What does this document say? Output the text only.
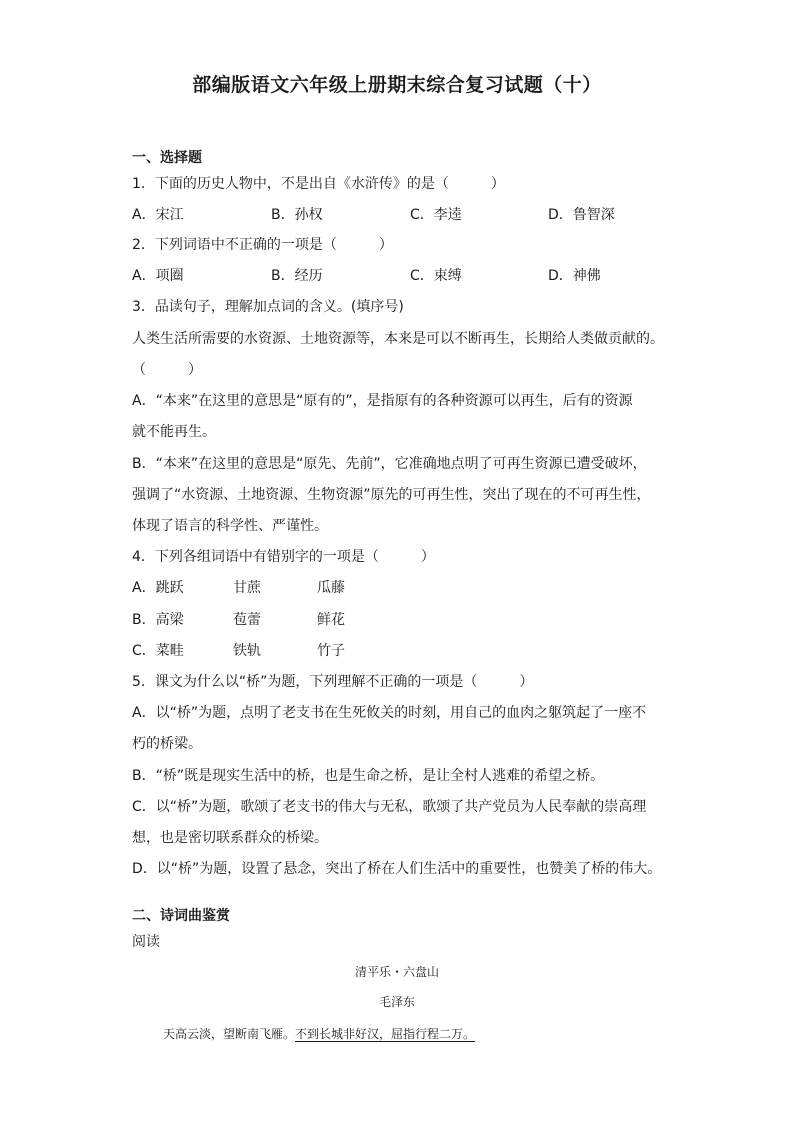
部编版语文六年级上册期末综合复习试题（十）
一、选择题
1．下面的历史人物中，不是出自《水浒传》的是（　　　）
A．宋江	B．孙权	C．李逵	D．鲁智深
2．下列词语中不正确的一项是（　　　）
A．项圈	B．经历	C．束缚	D．神佛
3．品读句子，理解加点词的含义。(填序号)
人类生活所需要的水资源、土地资源等，本来是可以不断再生，长期给人类做贡献的。
（　　　）
A．“本来”在这里的意思是“原有的”，是指原有的各种资源可以再生，后有的资源
就不能再生。
B．“本来”在这里的意思是“原先、先前”，它准确地点明了可再生资源已遭受破坏，
强调了“水资源、土地资源、生物资源”原先的可再生性，突出了现在的不可再生性，
体现了语言的科学性、严谨性。
4．下列各组词语中有错别字的一项是（　　　）
A．跳跃	甘蔗	瓜藤
B．高梁	苞蕾	鲜花
C．菜畦	铁轨	竹子
5．课文为什么以“桥”为题，下列理解不正确的一项是（　　　）
A．以“桥”为题，点明了老支书在生死攸关的时刻，用自己的血肉之躯筑起了一座不
朽的桥梁。
B．“桥”既是现实生活中的桥，也是生命之桥，是让全村人逃难的希望之桥。
C．以“桥”为题，歌颂了老支书的伟大与无私，歌颂了共产党员为人民奉献的崇高理
想，也是密切联系群众的桥梁。
D．以“桥”为题，设置了悬念，突出了桥在人们生活中的重要性，也赞美了桥的伟大。
二、诗词曲鉴赏
阅读
清平乐・六盘山
毛泽东
天高云淡，望断南飞雁。不到长城非好汉，屈指行程二万。
